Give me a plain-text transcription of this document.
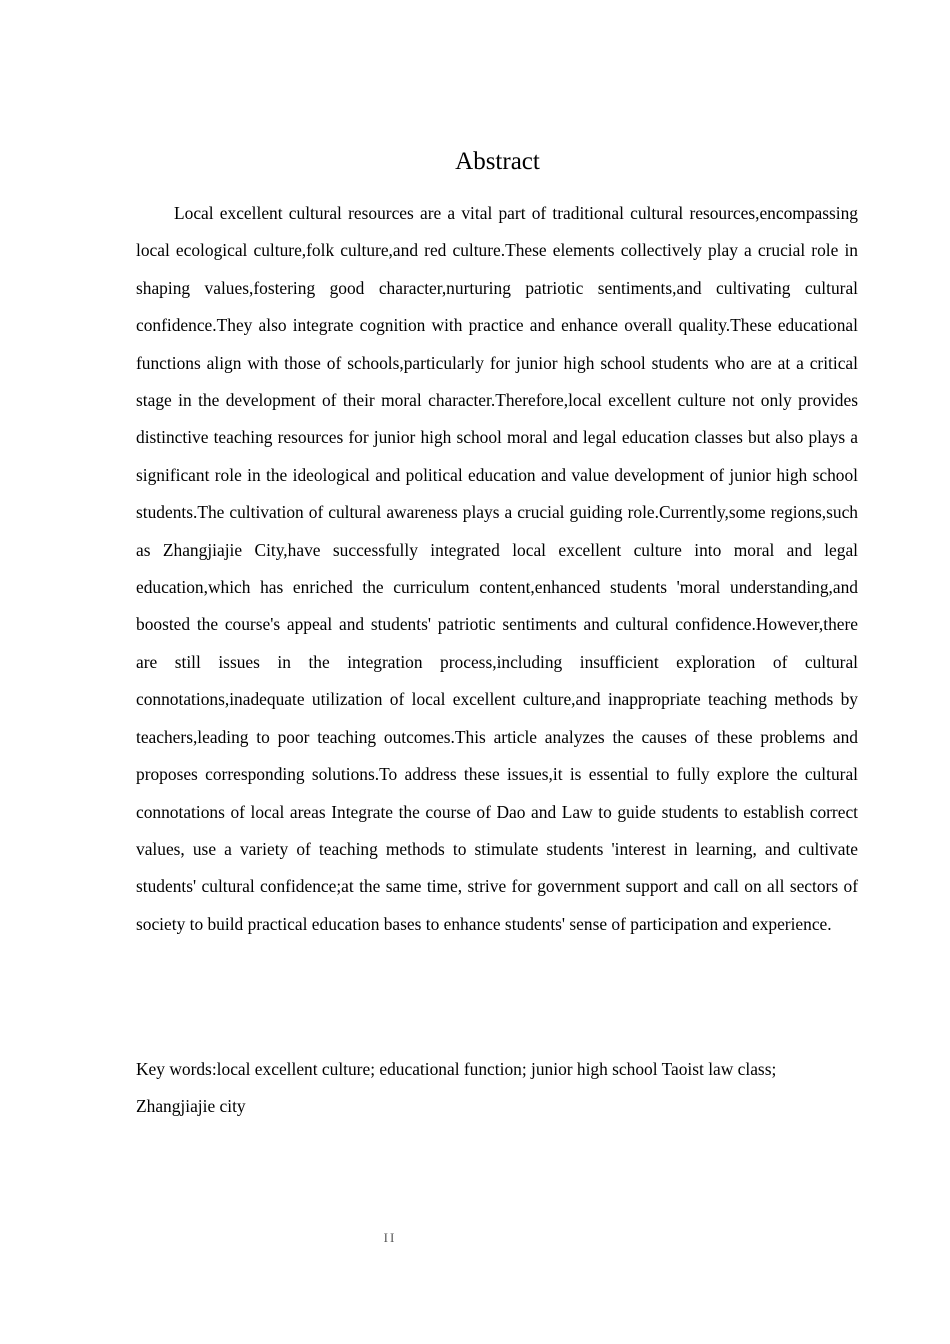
Abstract

Local excellent cultural resources are a vital part of traditional cultural resources,encompassing local ecological culture,folk culture,and red culture.These elements collectively play a crucial role in shaping values,fostering good character,nurturing patriotic sentiments,and cultivating cultural confidence.They also integrate cognition with practice and enhance overall quality.These educational functions align with those of schools,particularly for junior high school students who are at a critical stage in the development of their moral character.Therefore,local excellent culture not only provides distinctive teaching resources for junior high school moral and legal education classes but also plays a significant role in the ideological and political education and value development of junior high school students.The cultivation of cultural awareness plays a crucial guiding role.Currently,some regions,such as Zhangjiajie City,have successfully integrated local excellent culture into moral and legal education,which has enriched the curriculum content,enhanced students 'moral understanding,and boosted the course's appeal and students' patriotic sentiments and cultural confidence.However,there are still issues in the integration process,including insufficient exploration of cultural connotations,inadequate utilization of local excellent culture,and inappropriate teaching methods by teachers,leading to poor teaching outcomes.This article analyzes the causes of these problems and proposes corresponding solutions.To address these issues,it is essential to fully explore the cultural connotations of local areas Integrate the course of Dao and Law to guide students to establish correct values, use a variety of teaching methods to stimulate students 'interest in learning, and cultivate students' cultural confidence;at the same time, strive for government support and call on all sectors of society to build practical education bases to enhance students' sense of participation and experience.

Key words:local excellent culture; educational function; junior high school Taoist law class; Zhangjiajie city

II
